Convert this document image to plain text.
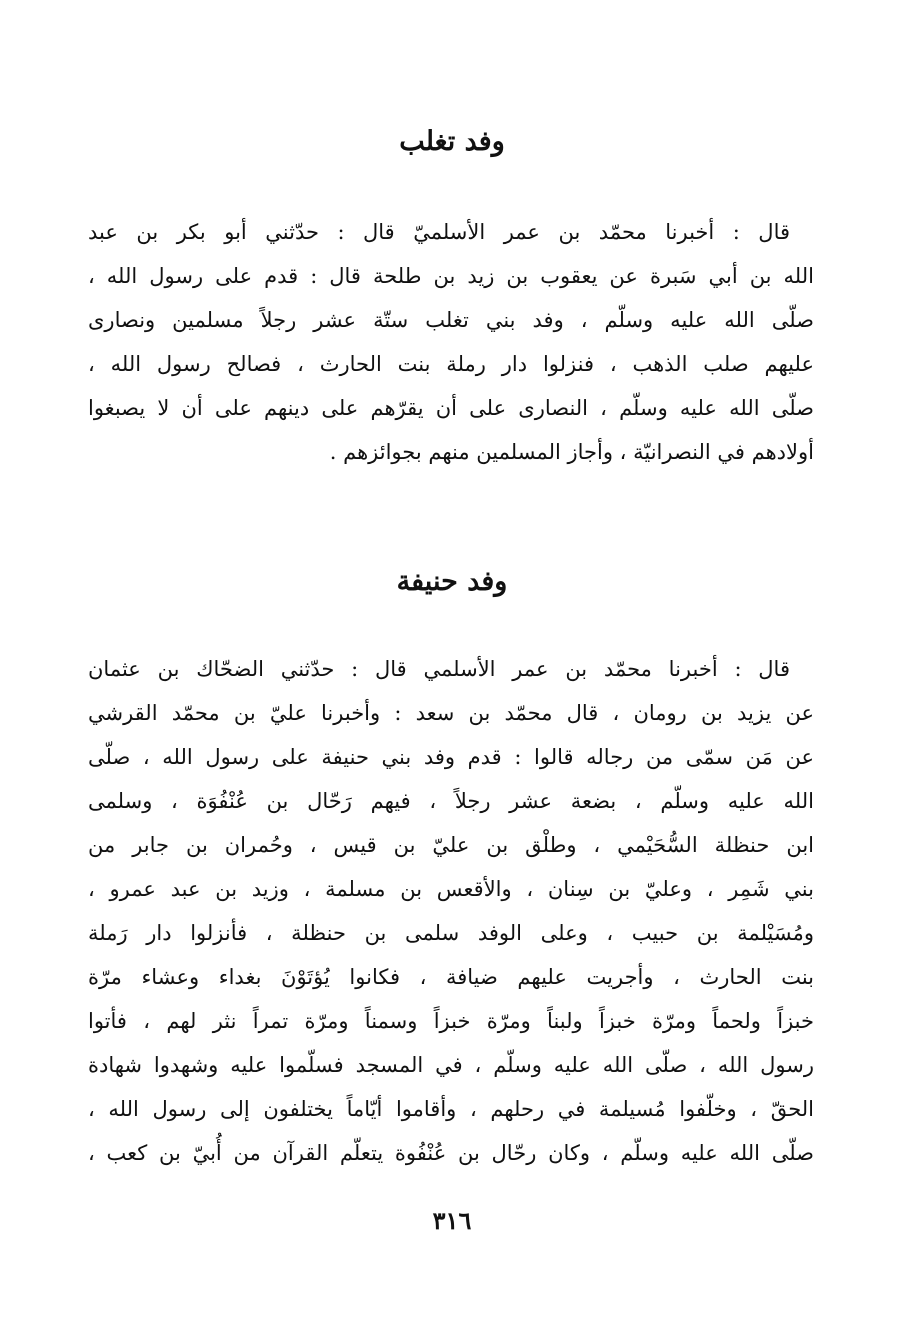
وفد تغلب
قال : أخبرنا محمّد بن عمر الأسلميّ قال : حدّثني أبو بكر بن عبد
الله بن أبي سَبرة عن يعقوب بن زيد بن طلحة قال : قدم على رسول الله ،
صلّى الله عليه وسلّم ، وفد بني تغلب ستّة عشر رجلاً مسلمين ونصارى
عليهم صلب الذهب ، فنزلوا دار رملة بنت الحارث ، فصالح رسول الله ،
صلّى الله عليه وسلّم ، النصارى على أن يقرّهم على دينهم على أن لا يصبغوا
أولادهم في النصرانيّة ، وأجاز المسلمين منهم بجوائزهم .
وفد حنيفة
قال : أخبرنا محمّد بن عمر الأسلمي قال : حدّثني الضحّاك بن عثمان
عن يزيد بن رومان ، قال محمّد بن سعد : وأخبرنا عليّ بن محمّد القرشي
عن مَن سمّى من رجاله قالوا : قدم وفد بني حنيفة على رسول الله ، صلّى
الله عليه وسلّم ، بضعة عشر رجلاً ، فيهم رَحّال بن عُنْفُوَة ، وسلمى
ابن حنظلة السُّحَيْمي ، وطلْق بن عليّ بن قيس ، وحُمران بن جابر من
بني شَمِر ، وعليّ بن سِنان ، والأقعس بن مسلمة ، وزيد بن عبد عمرو ،
ومُسَيْلمة بن حبيب ، وعلى الوفد سلمى بن حنظلة ، فأنزلوا دار رَملة
بنت الحارث ، وأجريت عليهم ضيافة ، فكانوا يُؤتَوْنَ بغداء وعشاء مرّة
خبزاً ولحماً ومرّة خبزاً ولبناً ومرّة خبزاً وسمناً ومرّة تمراً نثر لهم ، فأتوا
رسول الله ، صلّى الله عليه وسلّم ، في المسجد فسلّموا عليه وشهدوا شهادة
الحقّ ، وخلّفوا مُسيلمة في رحلهم ، وأقاموا أيّاماً يختلفون إلى رسول الله ،
صلّى الله عليه وسلّم ، وكان رحّال بن عُنْفُوة يتعلّم القرآن من أُبيّ بن كعب ،
٣١٦
